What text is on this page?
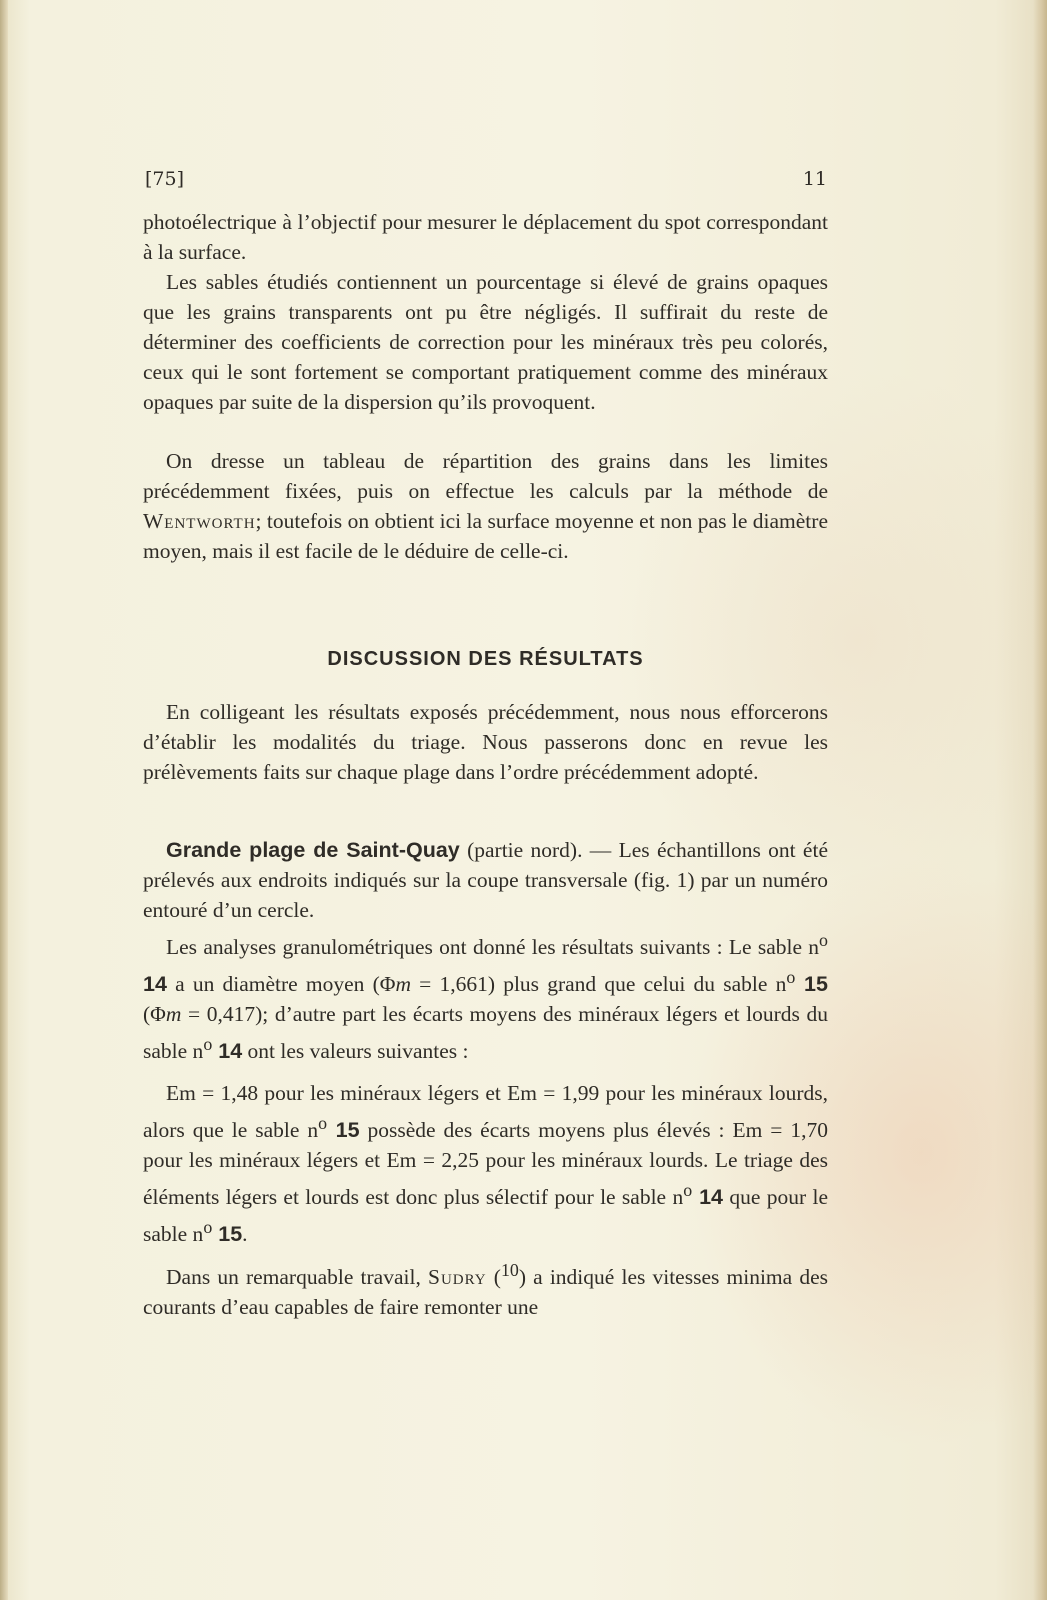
[75]	11

photoélectrique à l’objectif pour mesurer le déplacement du spot correspondant à la surface.

Les sables étudiés contiennent un pourcentage si élevé de grains opaques que les grains transparents ont pu être négligés. Il suffirait du reste de déterminer des coefficients de correction pour les minéraux très peu colorés, ceux qui le sont fortement se comportant pratiquement comme des minéraux opaques par suite de la dispersion qu’ils provoquent.

On dresse un tableau de répartition des grains dans les limites précédemment fixées, puis on effectue les calculs par la méthode de Wentworth; toutefois on obtient ici la surface moyenne et non pas le diamètre moyen, mais il est facile de le déduire de celle-ci.

DISCUSSION DES RÉSULTATS

En colligeant les résultats exposés précédemment, nous nous efforcerons d’établir les modalités du triage. Nous passerons donc en revue les prélèvements faits sur chaque plage dans l’ordre précédemment adopté.

Grande plage de Saint-Quay (partie nord). — Les échantillons ont été prélevés aux endroits indiqués sur la coupe transversale (fig. 1) par un numéro entouré d’un cercle.

Les analyses granulométriques ont donné les résultats suivants : Le sable $n^o$ 14 a un diamètre moyen (Φm = 1,661) plus grand que celui du sable $n^o$ 15 (Φm = 0,417); d’autre part les écarts moyens des minéraux légers et lourds du sable $n^o$ 14 ont les valeurs suivantes :

Em = 1,48 pour les minéraux légers et Em = 1,99 pour les minéraux lourds, alors que le sable $n^o$ 15 possède des écarts moyens plus élevés : Em = 1,70 pour les minéraux légers et Em = 2,25 pour les minéraux lourds. Le triage des éléments légers et lourds est donc plus sélectif pour le sable $n^o$ 14 que pour le sable $n^o$ 15.

Dans un remarquable travail, Sudry ($^{10}$) a indiqué les vitesses minima des courants d’eau capables de faire remonter une
